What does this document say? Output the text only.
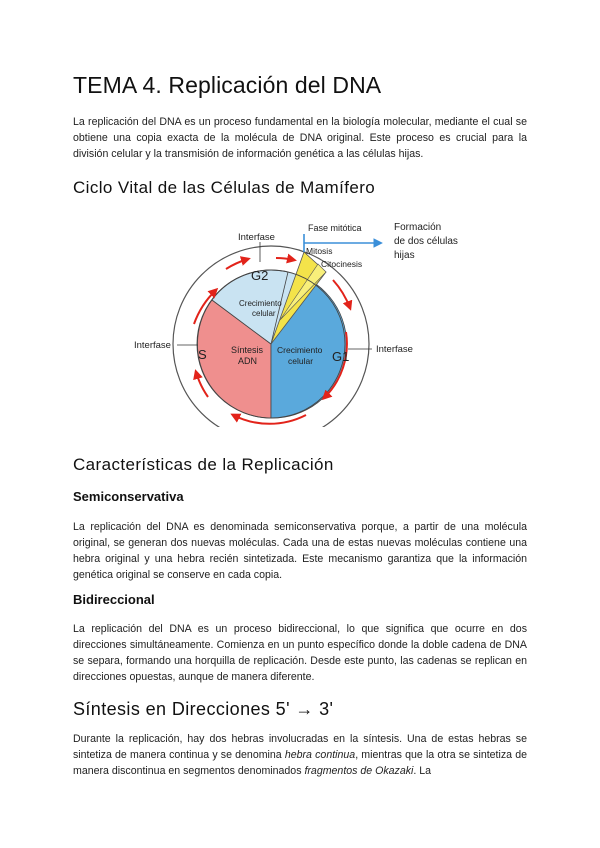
TEMA 4. Replicación del DNA

La replicación del DNA es un proceso fundamental en la biología molecular, mediante el cual se obtiene una copia exacta de la molécula de DNA original. Este proceso es crucial para la división celular y la transmisión de información genética a las células hijas.

Ciclo Vital de las Células de Mamífero
Interfase
Interfase	Interfase
Fase mitótica	Formación
de dos células
hijas
Mitosis
Citocinesis
G2
S	G1
Crecimiento
celular
Síntesis
ADN
Crecimiento
celular
Características de la Replicación
Semiconservativa

La replicación del DNA es denominada semiconservativa porque, a partir de una molécula original, se generan dos nuevas moléculas. Cada una de estas nuevas moléculas contiene una hebra original y una hebra recién sintetizada. Este mecanismo garantiza que la información genética original se conserve en cada copia.

Bidireccional

La replicación del DNA es un proceso bidireccional, lo que significa que ocurre en dos direcciones simultáneamente. Comienza en un punto específico donde la doble cadena de DNA se separa, formando una horquilla de replicación. Desde este punto, las cadenas se replican en direcciones opuestas, aunque de manera diferente.

Síntesis en Direcciones 5' → 3'

Durante la replicación, hay dos hebras involucradas en la síntesis. Una de estas hebras se sintetiza de manera continua y se denomina hebra continua, mientras que la otra se sintetiza de manera discontinua en segmentos denominados fragmentos de Okazaki. La
